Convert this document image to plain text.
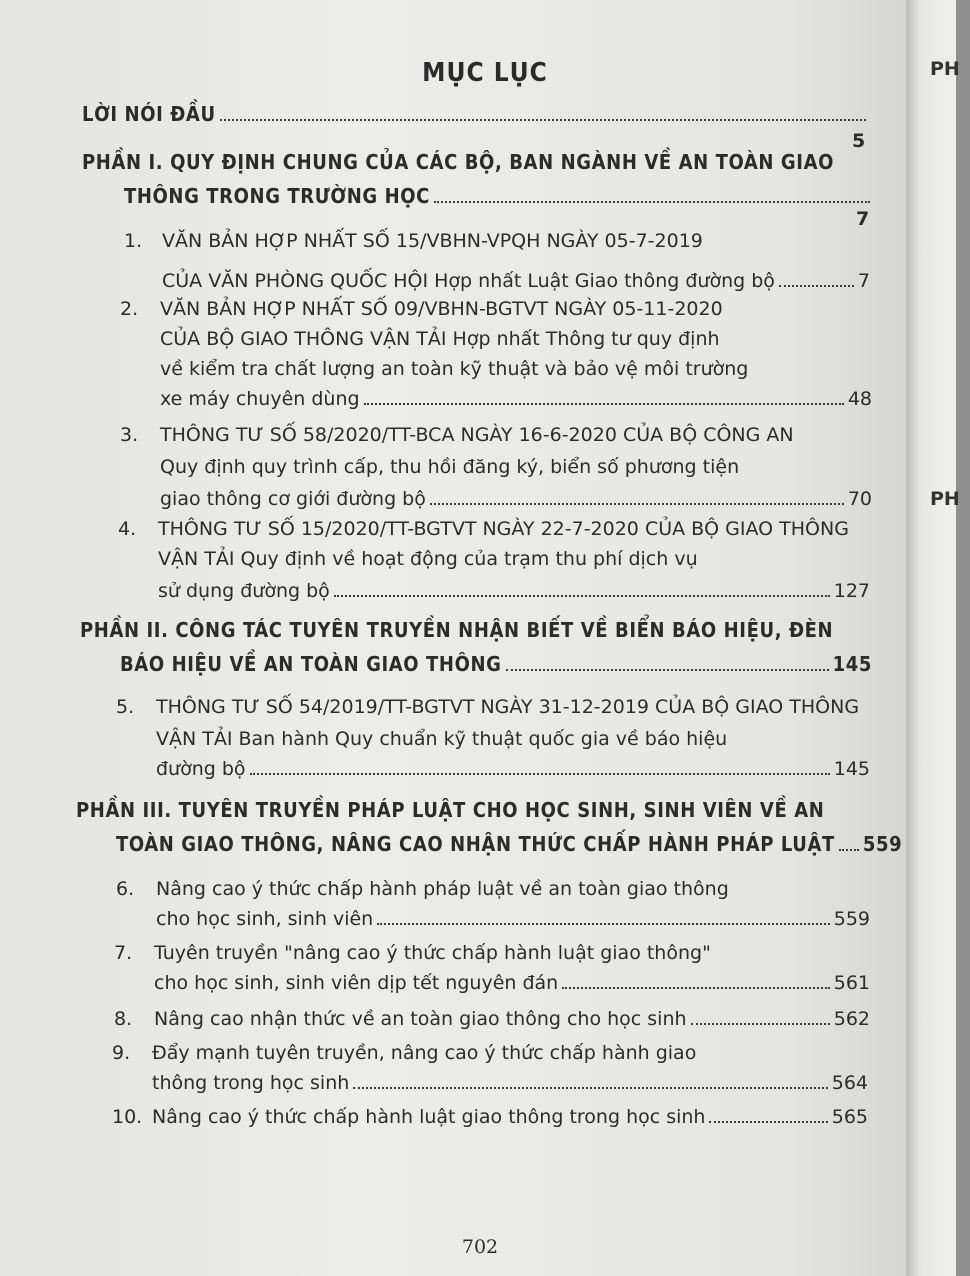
PH
PH
MỤC LỤC
LỜI NÓI ĐẦU
5
PHẦN I. QUY ĐỊNH CHUNG CỦA CÁC BỘ, BAN NGÀNH VỀ AN TOÀN GIAO
THÔNG TRONG TRƯỜNG HỌC
7
1. VĂN BẢN HỢP NHẤT SỐ 15/VBHN-VPQH NGÀY 05-7-2019
CỦA VĂN PHÒNG QUỐC HỘI Hợp nhất Luật Giao thông đường bộ	7
2. VĂN BẢN HỢP NHẤT SỐ 09/VBHN-BGTVT NGÀY 05-11-2020
CỦA BỘ GIAO THÔNG VẬN TẢI Hợp nhất Thông tư quy định
về kiểm tra chất lượng an toàn kỹ thuật và bảo vệ môi trường
xe máy chuyên dùng	48
3. THÔNG TƯ SỐ 58/2020/TT-BCA NGÀY 16-6-2020 CỦA BỘ CÔNG AN
Quy định quy trình cấp, thu hồi đăng ký, biển số phương tiện
giao thông cơ giới đường bộ	70
4. THÔNG TƯ SỐ 15/2020/TT-BGTVT NGÀY 22-7-2020 CỦA BỘ GIAO THÔNG
VẬN TẢI Quy định về hoạt động của trạm thu phí dịch vụ
sử dụng đường bộ	127
PHẦN II. CÔNG TÁC TUYÊN TRUYỀN NHẬN BIẾT VỀ BIỂN BÁO HIỆU, ĐÈN
BÁO HIỆU VỀ AN TOÀN GIAO THÔNG	145
5. THÔNG TƯ SỐ 54/2019/TT-BGTVT NGÀY 31-12-2019 CỦA BỘ GIAO THÔNG
VẬN TẢI Ban hành Quy chuẩn kỹ thuật quốc gia về báo hiệu
đường bộ	145
PHẦN III. TUYÊN TRUYỀN PHÁP LUẬT CHO HỌC SINH, SINH VIÊN VỀ AN
TOÀN GIAO THÔNG, NÂNG CAO NHẬN THỨC CHẤP HÀNH PHÁP LUẬT 559
6. Nâng cao ý thức chấp hành pháp luật về an toàn giao thông
cho học sinh, sinh viên	559
7. Tuyên truyền "nâng cao ý thức chấp hành luật giao thông"
cho học sinh, sinh viên dịp tết nguyên đán	561
8. Nâng cao nhận thức về an toàn giao thông cho học sinh	562
9. Đẩy mạnh tuyên truyền, nâng cao ý thức chấp hành giao
thông trong học sinh	564
10. Nâng cao ý thức chấp hành luật giao thông trong học sinh	565
702
